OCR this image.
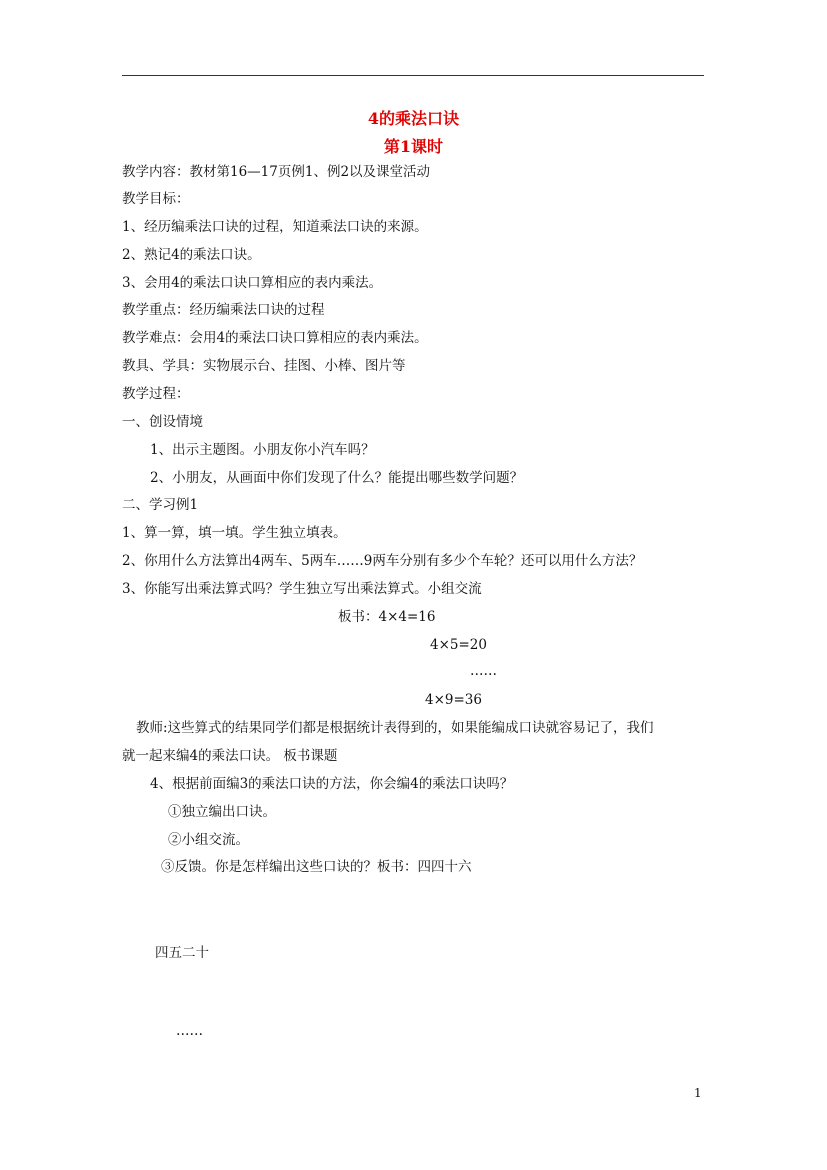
4的乘法口诀
第1课时
教学内容：教材第16—17页例1、例2以及课堂活动
教学目标：
1、经历编乘法口诀的过程，知道乘法口诀的来源。
2、熟记4的乘法口诀。
3、会用4的乘法口诀口算相应的表内乘法。
教学重点：经历编乘法口诀的过程
教学难点：会用4的乘法口诀口算相应的表内乘法。
教具、学具：实物展示台、挂图、小棒、图片等
教学过程：
一、创设情境
1、出示主题图。小朋友你小汽车吗？
2、小朋友，从画面中你们发现了什么？能提出哪些数学问题？
二、学习例1
1、算一算，填一填。学生独立填表。
2、你用什么方法算出4两车、5两车……9两车分别有多少个车轮？还可以用什么方法？
3、你能写出乘法算式吗？学生独立写出乘法算式。小组交流
板书：4×4=16
4×5=20
……
4×9=36
教师:这些算式的结果同学们都是根据统计表得到的，如果能编成口诀就容易记了，我们
就一起来编4的乘法口诀。 板书课题
4、根据前面编3的乘法口诀的方法，你会编4的乘法口诀吗？
①独立编出口诀。
②小组交流。
③反馈。你是怎样编出这些口诀的？板书：四四十六
四五二十
……
1
